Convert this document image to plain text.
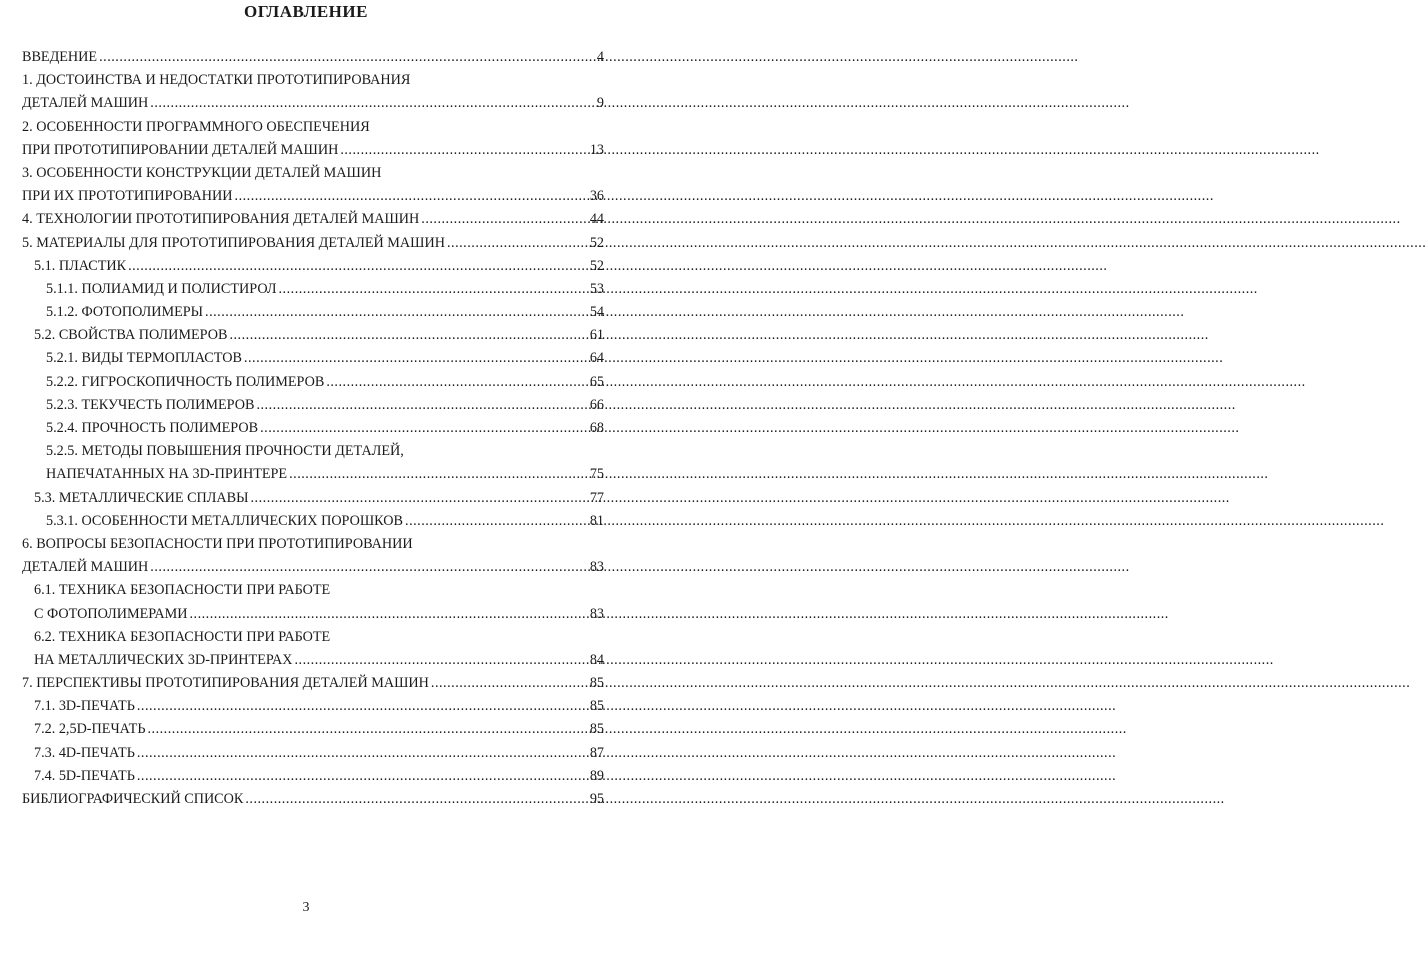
ОГЛАВЛЕНИЕ
ВВЕДЕНИЕ .....	4
1. ДОСТОИНСТВА И НЕДОСТАТКИ ПРОТОТИПИРОВАНИЯ
ДЕТАЛЕЙ МАШИН .....	9
2. ОСОБЕННОСТИ ПРОГРАММНОГО ОБЕСПЕЧЕНИЯ
ПРИ ПРОТОТИПИРОВАНИИ ДЕТАЛЕЙ МАШИН .....	13
3. ОСОБЕННОСТИ КОНСТРУКЦИИ ДЕТАЛЕЙ МАШИН
ПРИ ИХ ПРОТОТИПИРОВАНИИ .....	36
4. ТЕХНОЛОГИИ ПРОТОТИПИРОВАНИЯ ДЕТАЛЕЙ МАШИН .....	44
5. МАТЕРИАЛЫ ДЛЯ ПРОТОТИПИРОВАНИЯ ДЕТАЛЕЙ МАШИН .....	52
5.1. ПЛАСТИК .....	52
5.1.1. ПОЛИАМИД И ПОЛИСТИРОЛ .....	53
5.1.2. ФОТОПОЛИМЕРЫ .....	54
5.2. СВОЙСТВА ПОЛИМЕРОВ .....	61
5.2.1. ВИДЫ ТЕРМОПЛАСТОВ .....	64
5.2.2. ГИГРОСКОПИЧНОСТЬ ПОЛИМЕРОВ .....	65
5.2.3. ТЕКУЧЕСТЬ ПОЛИМЕРОВ .....	66
5.2.4. ПРОЧНОСТЬ ПОЛИМЕРОВ .....	68
5.2.5. МЕТОДЫ ПОВЫШЕНИЯ ПРОЧНОСТИ ДЕТАЛЕЙ,
НАПЕЧАТАННЫХ НА 3D-ПРИНТЕРЕ .....	75
5.3. МЕТАЛЛИЧЕСКИЕ СПЛАВЫ .....	77
5.3.1. ОСОБЕННОСТИ МЕТАЛЛИЧЕСКИХ ПОРОШКОВ .....	81
6. ВОПРОСЫ БЕЗОПАСНОСТИ ПРИ ПРОТОТИПИРОВАНИИ
ДЕТАЛЕЙ МАШИН .....	83
6.1. ТЕХНИКА БЕЗОПАСНОСТИ ПРИ РАБОТЕ
С ФОТОПОЛИМЕРАМИ .....	83
6.2. ТЕХНИКА БЕЗОПАСНОСТИ ПРИ РАБОТЕ
НА МЕТАЛЛИЧЕСКИХ 3D-ПРИНТЕРАХ .....	84
7. ПЕРСПЕКТИВЫ ПРОТОТИПИРОВАНИЯ ДЕТАЛЕЙ МАШИН .....	85
7.1. 3D-ПЕЧАТЬ .....	85
7.2. 2,5D-ПЕЧАТЬ .....	85
7.3. 4D-ПЕЧАТЬ .....	87
7.4. 5D-ПЕЧАТЬ .....	89
БИБЛИОГРАФИЧЕСКИЙ СПИСОК .....	95
3
